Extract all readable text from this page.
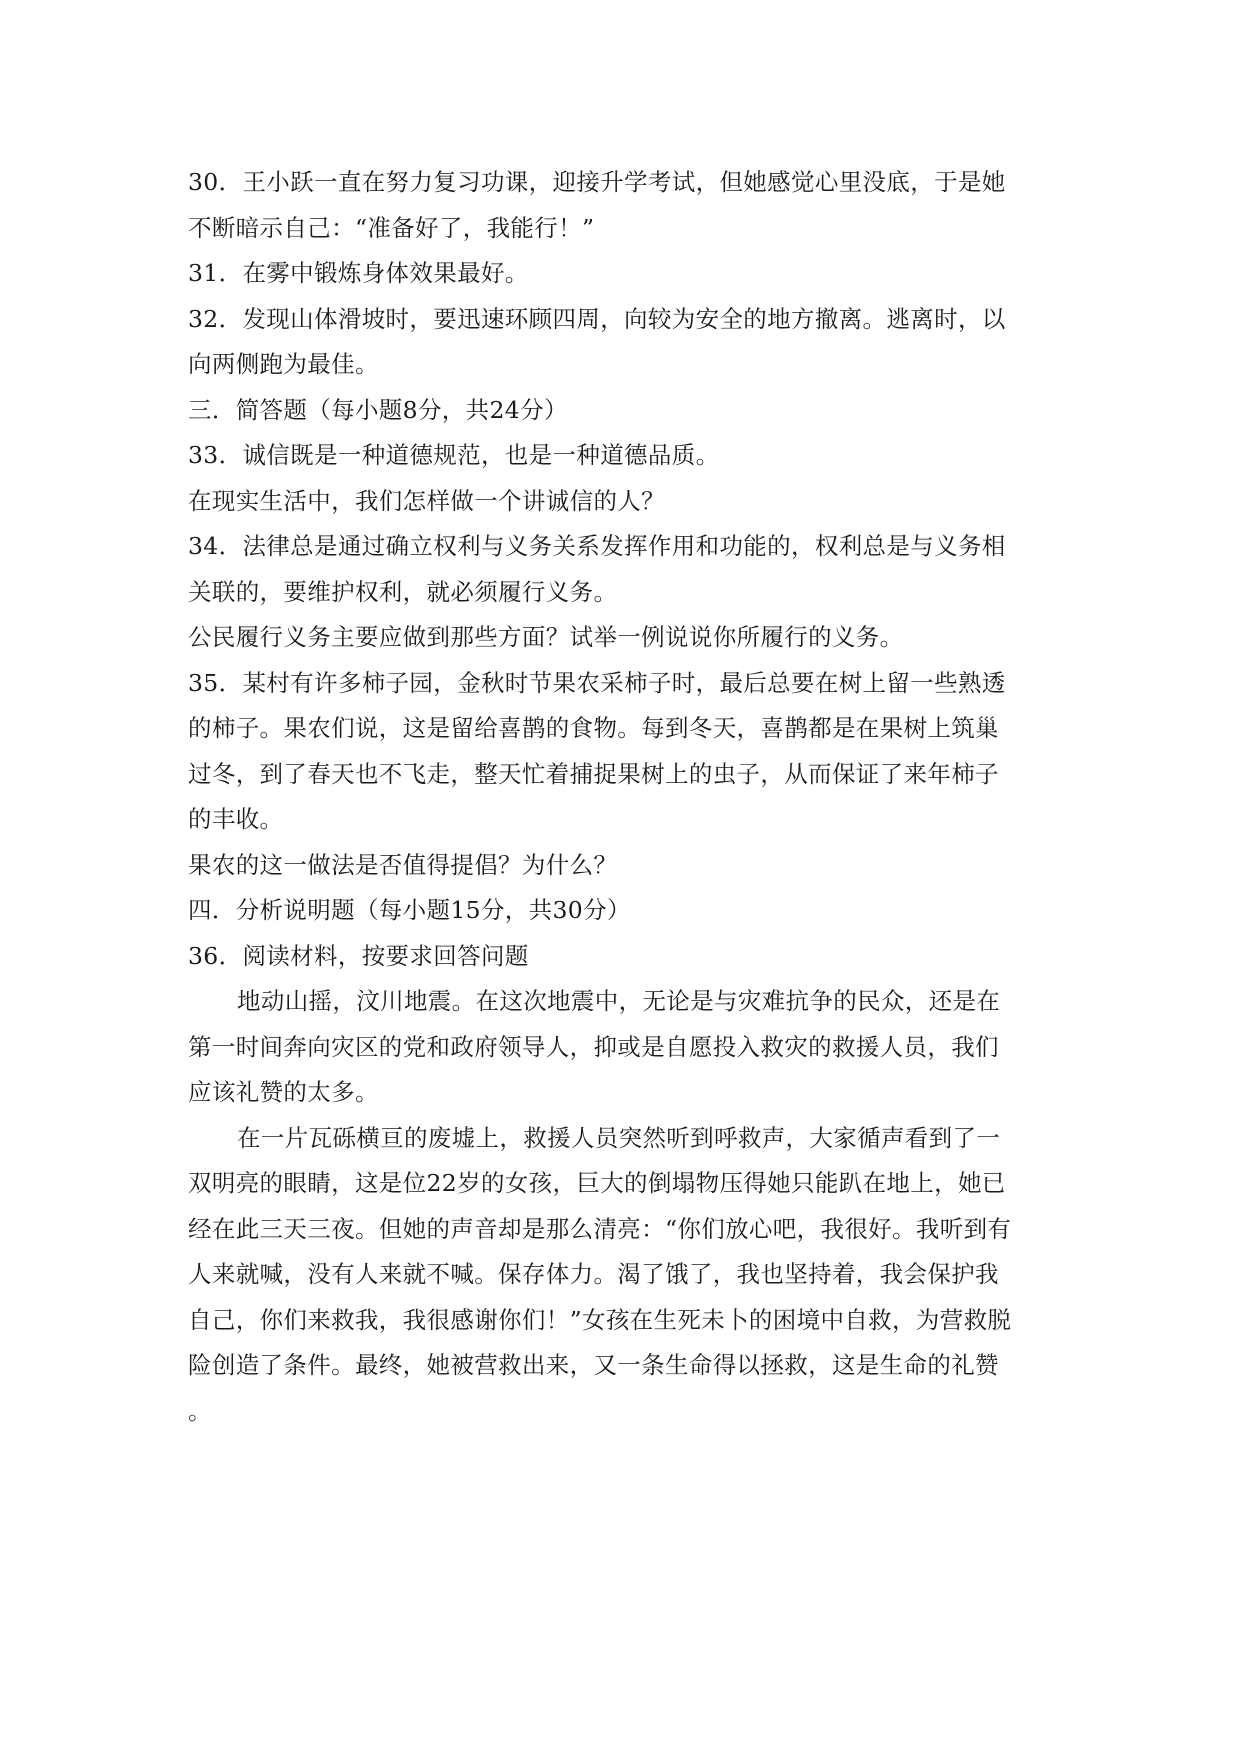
30．王小跃一直在努力复习功课，迎接升学考试，但她感觉心里没底，于是她
不断暗示自己：“准备好了，我能行！”
31．在雾中锻炼身体效果最好。
32．发现山体滑坡时，要迅速环顾四周，向较为安全的地方撤离。逃离时，以
向两侧跑为最佳。
三．简答题（每小题8分，共24分）
33．诚信既是一种道德规范，也是一种道德品质。
在现实生活中，我们怎样做一个讲诚信的人？
34．法律总是通过确立权利与义务关系发挥作用和功能的，权利总是与义务相
关联的，要维护权利，就必须履行义务。
公民履行义务主要应做到那些方面？试举一例说说你所履行的义务。
35．某村有许多柿子园，金秋时节果农采柿子时，最后总要在树上留一些熟透
的柿子。果农们说，这是留给喜鹊的食物。每到冬天，喜鹊都是在果树上筑巢
过冬，到了春天也不飞走，整天忙着捕捉果树上的虫子，从而保证了来年柿子
的丰收。
果农的这一做法是否值得提倡？为什么？
四．分析说明题（每小题15分，共30分）
36．阅读材料，按要求回答问题
地动山摇，汶川地震。在这次地震中，无论是与灾难抗争的民众，还是在
第一时间奔向灾区的党和政府领导人，抑或是自愿投入救灾的救援人员，我们
应该礼赞的太多。
在一片瓦砾横亘的废墟上，救援人员突然听到呼救声，大家循声看到了一
双明亮的眼睛，这是位22岁的女孩，巨大的倒塌物压得她只能趴在地上，她已
经在此三天三夜。但她的声音却是那么清亮：“你们放心吧，我很好。我听到有
人来就喊，没有人来就不喊。保存体力。渴了饿了，我也坚持着，我会保护我
自己，你们来救我，我很感谢你们！”女孩在生死未卜的困境中自救，为营救脱
险创造了条件。最终，她被营救出来，又一条生命得以拯救，这是生命的礼赞
。
